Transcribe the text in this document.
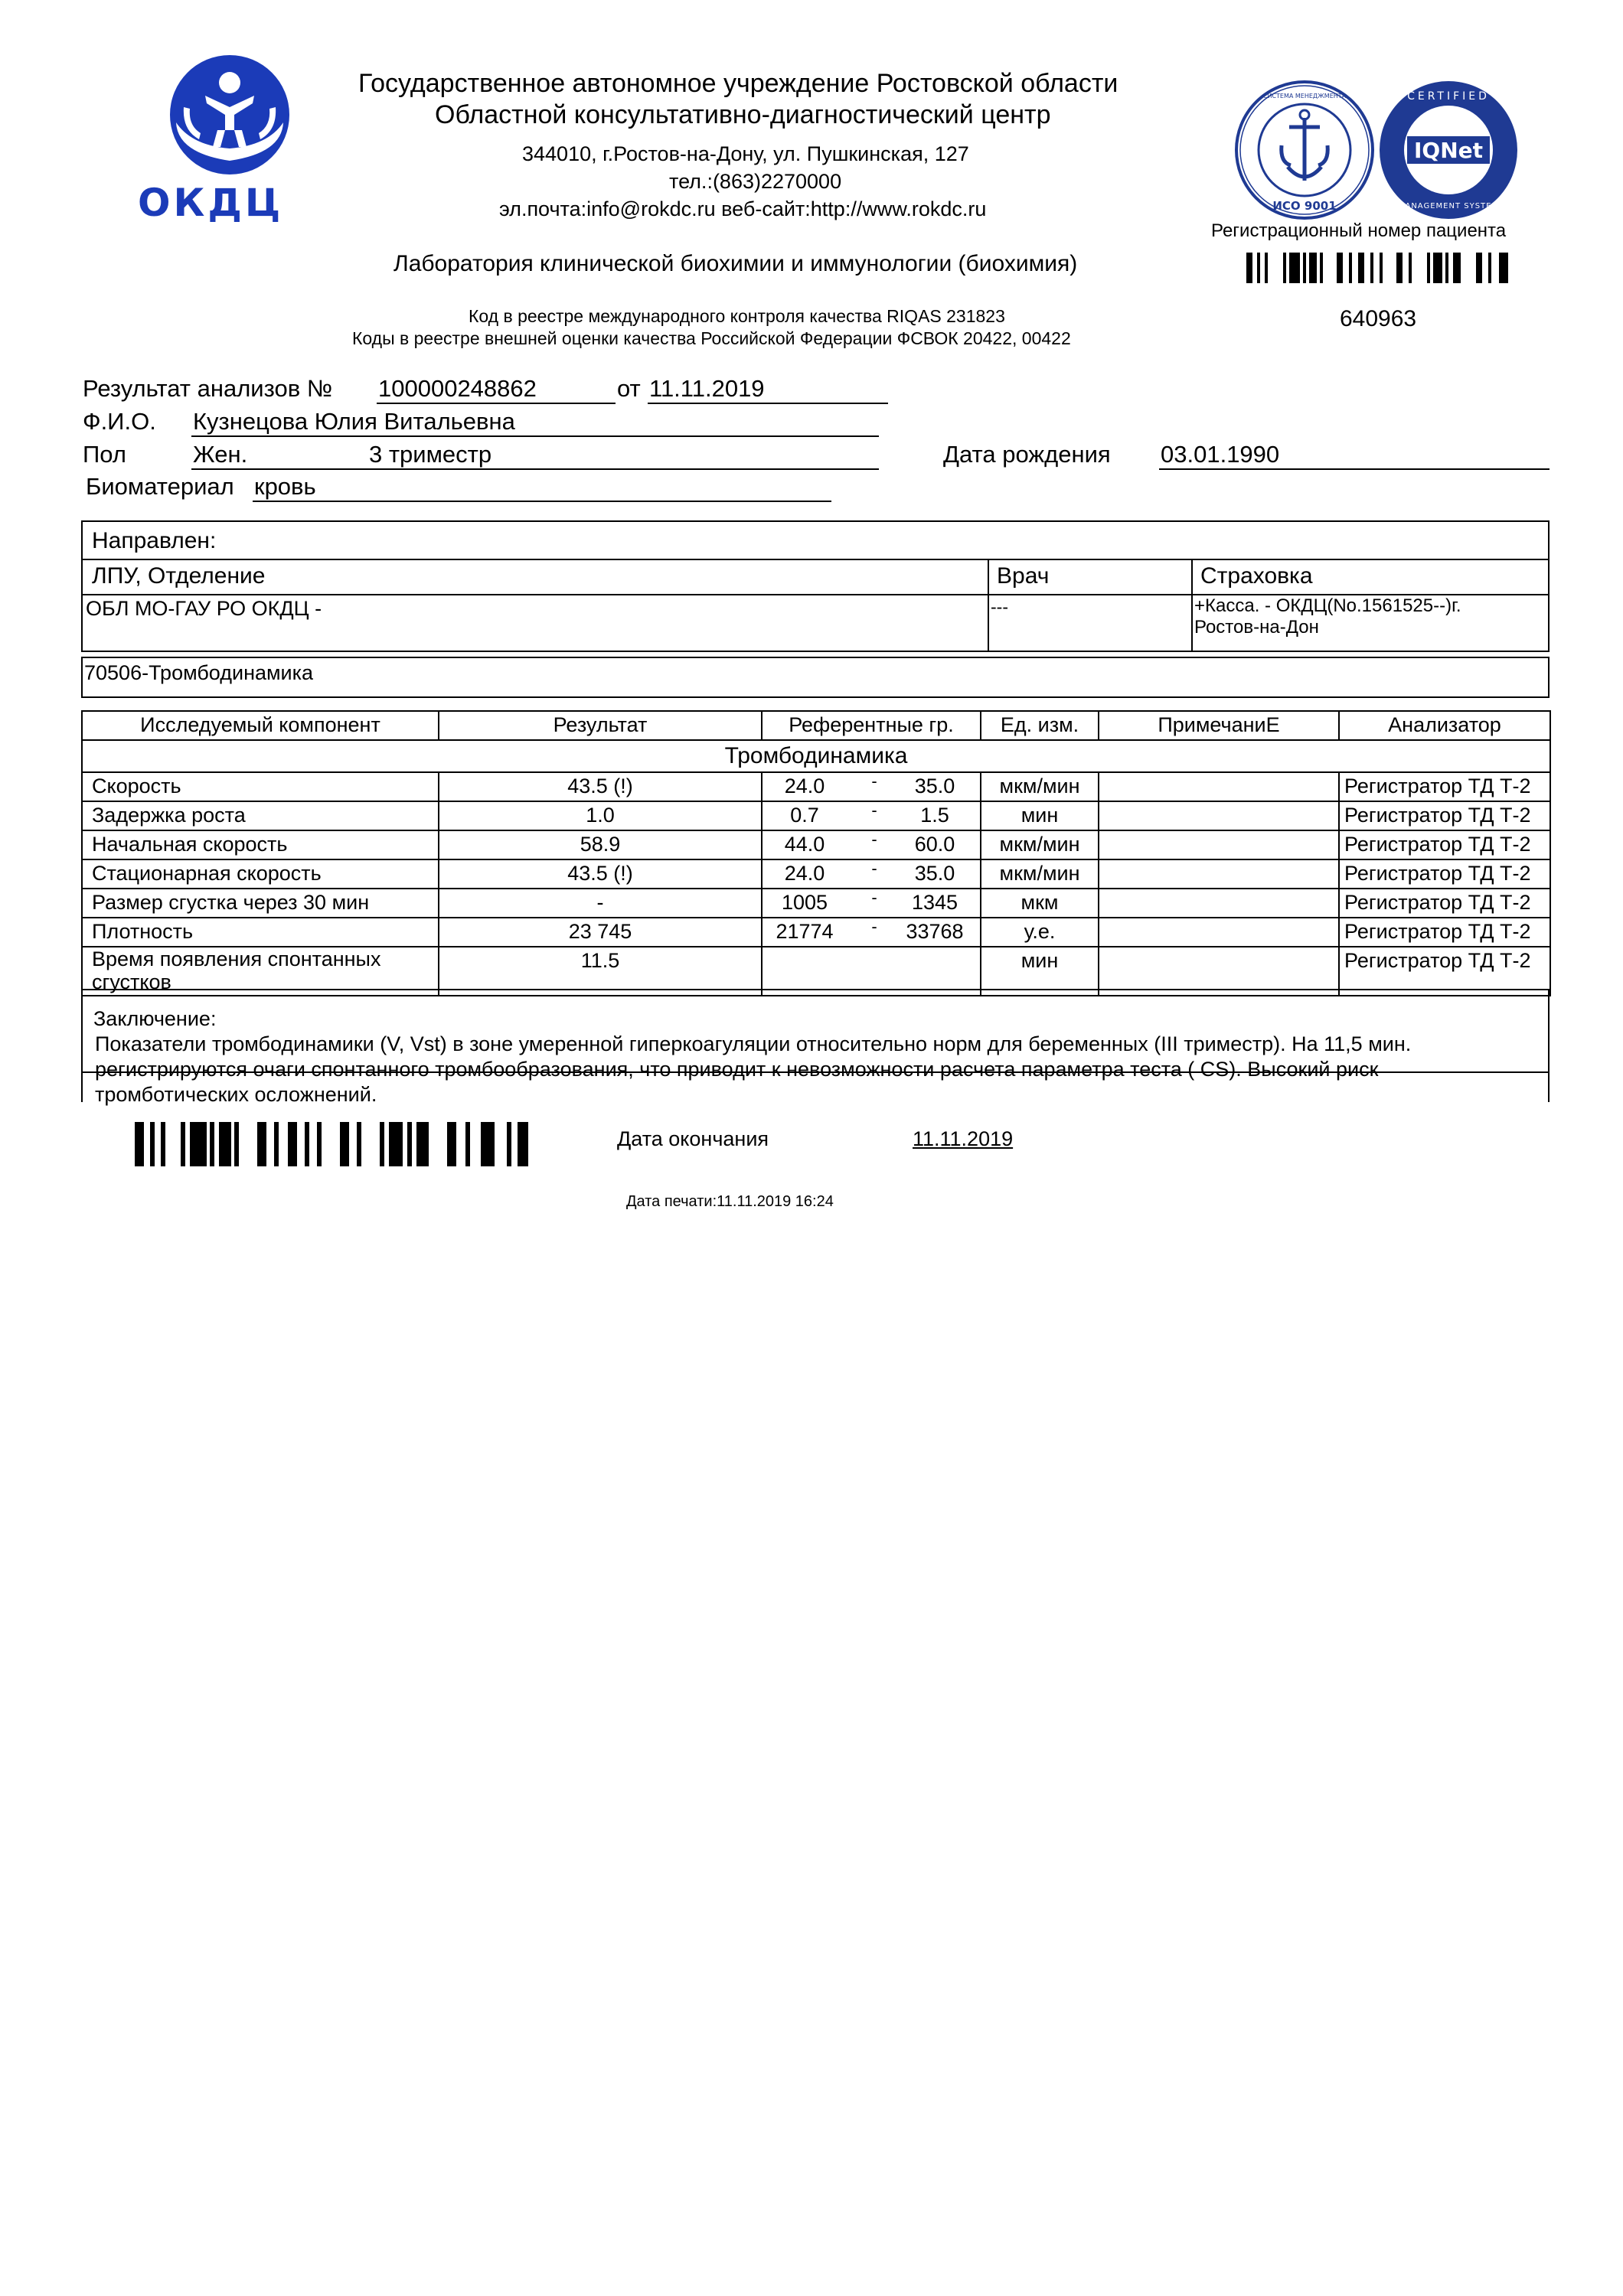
ОКДЦ
Государственное автономное учреждение Ростовской области
Областной консультативно-диагностический центр
344010, г.Ростов-на-Дону, ул. Пушкинская, 127
тел.:(863)2270000
эл.почта:info@rokdc.ru веб-сайт:http://www.rokdc.ru
Лаборатория клинической биохимии и иммунологии (биохимия)
Код в реестре международного контроля качества RIQAS 231823
Коды в реестре внешней оценки качества Российской Федерации ФСВОК 20422, 00422
ИСО 9001
СИСТЕМА МЕНЕДЖМЕНТА
IQNet
CERTIFIED
MANAGEMENT SYSTEM
Регистрационный номер пациента
640963
Результат анализов № 100000248862	от 11.11.2019
Ф.И.О. Кузнецова Юлия Витальевна
Пол	Жен.	3 триместр	Дата рождения 03.01.1990
Биоматериал кровь
Направлен:
ЛПУ, Отделение	Врач	Страховка
ОБЛ МО-ГАУ РО ОКДЦ -	---	+Касса. - ОКДЦ(No.1561525--)г.
Ростов-на-Дон
70506-Тромбодинамика
Исследуемый компонент	Результат	Референтные гр.	Ед. изм.	ПримечаниЕ	Анализатор
Тромбодинамика					
Скорость	43.5 (!)	24.0 - 35.0	мкм/мин		Регистратор ТД Т-2
Задержка роста	1.0	0.7 - 1.5	мин		Регистратор ТД Т-2
Начальная скорость	58.9	44.0 - 60.0	мкм/мин		Регистратор ТД Т-2
Стационарная скорость	43.5 (!)	24.0 - 35.0	мкм/мин		Регистратор ТД Т-2
Размер сгустка через 30 мин	-	1005 - 1345	мкм		Регистратор ТД Т-2
Плотность	23 745	21774 - 33768	у.е.		Регистратор ТД Т-2
Время появления спонтанных сгустков	11.5		мин		Регистратор ТД Т-2
Заключение:
Показатели тромбодинамики (V, Vst) в зоне умеренной гиперкоагуляции относительно норм для беременных (III триместр). На 11,5 мин. регистрируются очаги спонтанного тромбообразования, что приводит к невозможности расчета параметра теста ( CS). Высокий риск тромботических осложнений.
Дата окончания	11.11.2019
Дата печати:11.11.2019 16:24
